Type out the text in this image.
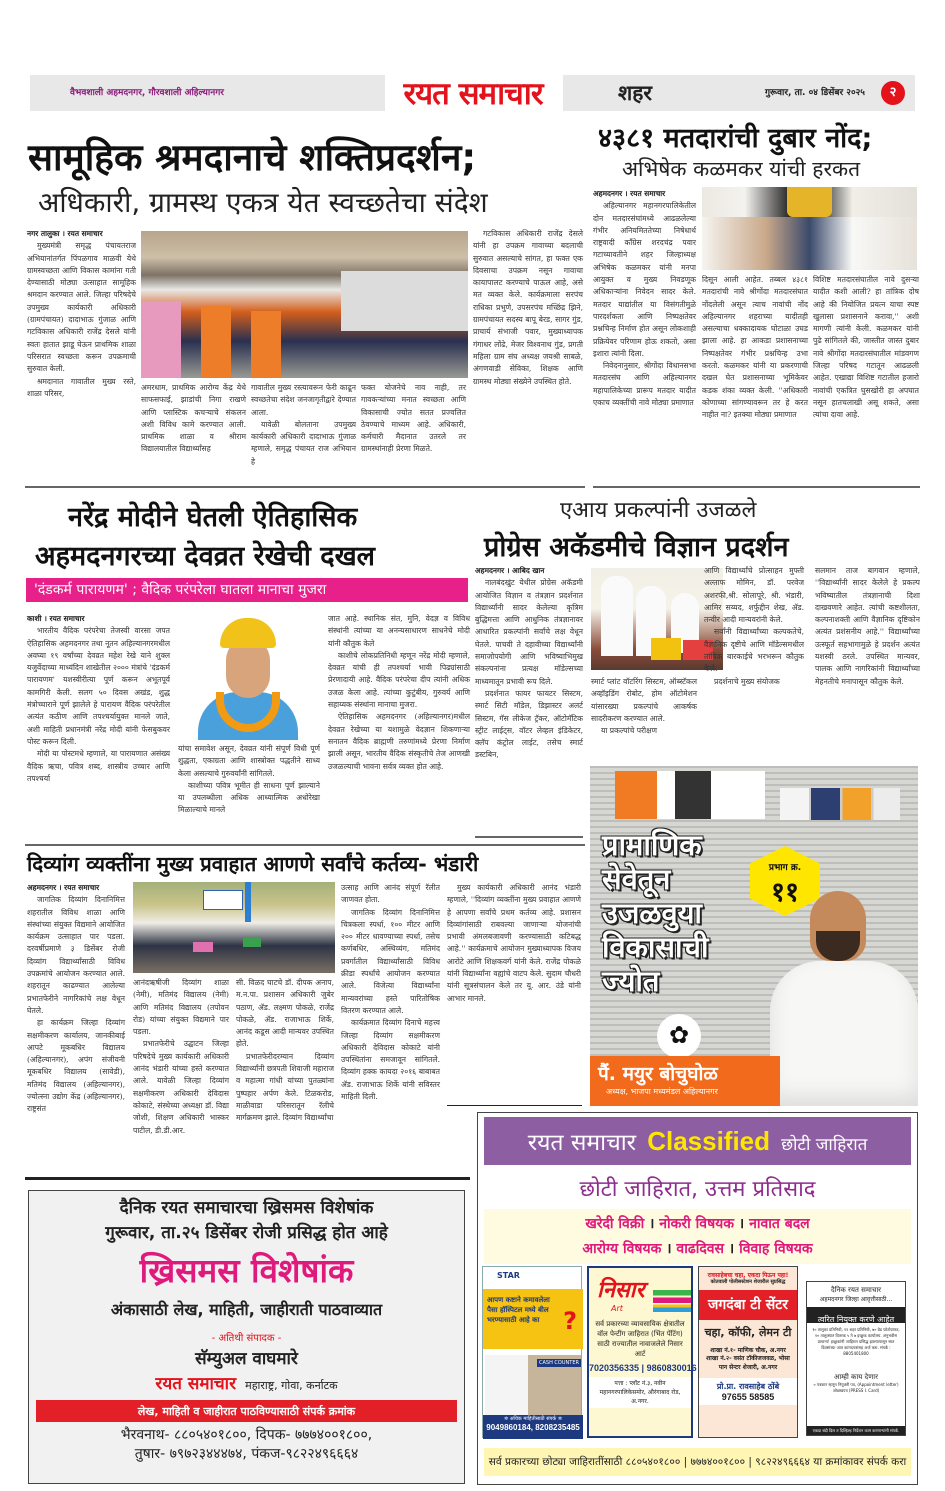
वैभवशाली अहमदनगर, गौरवशाली अहिल्यानगर	रयत समाचार	शहर	गुरूवार, ता. ०४ डिसेंबर २०२५	२
सामूहिक श्रमदानाचे शक्तिप्रदर्शन;
अधिकारी, ग्रामस्थ एकत्र येत स्वच्छतेचा संदेश

नगर तालुका । रयत समाचार

मुख्यमंत्री समृद्ध पंचायतराज अभियानांतर्गत पिंपळगाव माळवी येथे ग्रामस्वच्छता आणि विकास कामांना गती देण्यासाठी मोठ्या उत्साहात सामूहिक श्रमदान करण्यात आले. जिल्हा परिषदेचे उपमुख्य कार्यकारी अधिकारी (ग्रामपंचायत) दादाभाऊ गुंजाळ आणि गटविकास अधिकारी राजेंद्र देसले यांनी स्वतः हातात झाडू घेऊन प्राथमिक शाळा परिसरात स्वच्छता करून उपक्रमाची सुरुवात केली.

श्रमदानात गावातील मुख्य रस्ते, शाळा परिसर,

अमरधाम, प्राथमिक आरोग्य केंद्र येथे साफसफाई, झाडांची निगा राखणे आणि प्लास्टिक कचऱ्याचे संकलन अशी विविध कामे करण्यात आली. प्राथमिक शाळा व श्रीराम विद्यालयातील विद्यार्थ्यांसह

गावातील मुख्य रस्त्यावरून फेरी काढून स्वच्छतेचा संदेश जनजागृतीद्वारे देण्यात आला.

यावेळी बोलताना उपमुख्य कार्यकारी अधिकारी दादाभाऊ गुंजाळ म्हणाले, समृद्ध पंचायत राज अभियान हे

फक्त योजनेचे नाव नाही, तर गावकऱ्यांच्या मनात स्वच्छता आणि विकासाची ज्योत सतत प्रज्वलित ठेवण्याचे माध्यम आहे. अधिकारी, कर्मचारी मैदानात उतरले तर ग्रामस्थांनाही प्रेरणा मिळते.

गटविकास अधिकारी राजेंद्र देसले यांनी हा उपक्रम गावाच्या बदलाची सुरुवात असल्याचे सांगत, हा फक्त एक दिवसाचा उपक्रम नसून गावाचा कायापालट करण्याचे पाऊल आहे, असे मत व्यक्त केले. कार्यक्रमाला सरपंच राधिका प्रभुणे, उपसरपंच मच्छिंद्र झिने, ग्रामपंचायत सदस्य बापू बेरड, सागर गुंड, प्राचार्य संभाजी पवार, मुख्याध्यापक गंगाधर लोंढे, मेजर विश्वनाथ गुंड, प्रगती महिला ग्राम संघ अध्यक्ष जयश्री साबळे, अंगणवाडी सेविका, शिक्षक आणि ग्रामस्थ मोठ्या संख्येने उपस्थित होते.

४३८१ मतदारांची दुबार नोंद;
अभिषेक कळमकर यांची हरकत

अहमदनगर । रयत समाचार

अहिल्यानगर महानगरपालिकेतील दोन मतदारसंघांमध्ये आढळलेल्या गंभीर अनियमिततेच्या निषेधार्थ राष्ट्रवादी काँग्रेस शरदचंद्र पवार गटाच्यावतीने शहर जिल्हाध्यक्ष अभिषेक कळमकर यांनी मनपा आयुक्त व मुख्य निवडणूक अधिकाऱ्यांना निवेदन सादर केले. मतदार याद्यांतील या विसंगतीमुळे पारदर्शकता आणि निष्पक्षतेवर प्रश्नचिन्ह निर्माण होत असून लोकशाही प्रक्रियेवर परिणाम होऊ शकतो, असा इशारा त्यांनी दिला.

निवेदनानुसार, श्रीगोंदा विधानसभा मतदारसंघ आणि अहिल्यानगर महापालिकेच्या प्रारूप मतदार यादीत एकाच व्यक्तींची नावे मोठ्या प्रमाणात

दिसून आली आहेत. तब्बल ४३८१ मतदारांची नावे श्रीगोंदा मतदारसंघात नोंदलेली असून त्याच नावांची नोंद अहिल्यानगर शहराच्या यादीतही असल्याचा धक्कादायक घोटाळा उघड झाला आहे. हा आकडा प्रशासनाच्या निष्पक्षतेवर गंभीर प्रश्नचिन्ह उभा करतो. कळमकर यांनी या प्रकरणाची दखल घेत प्रशासनाच्या भूमिकेवर कडक शंका व्यक्त केली. ''अधिकारी कोणाच्या सांगण्यावरून तर हे करत नाहीत ना? इतक्या मोठ्या प्रमाणात

विशिष्ट मतदारसंघातील नावे दुसऱ्या यादीत कशी आली? हा तांत्रिक दोष आहे की नियोजित प्रयत्न याचा स्पष्ट खुलासा प्रशासनाने करावा,'' अशी मागणी त्यांनी केली. कळमकर यांनी पुढे सांगितले की, जास्तीत जास्त दुबार नावे श्रीगोंदा मतदारसंघातील मांडवगण जिल्हा परिषद गटातून आढळली आहेत. एखाद्या विशिष्ट गटातील हजारो नावांची एकत्रित घुसखोरी हा अपघात नसून हातचलाखी असू शकते, असा त्यांचा दावा आहे.

नरेंद्र मोदीने घेतली ऐतिहासिक
अहमदनगरच्या देवव्रत रेखेची दखल
'दंडकर्म पारायणम' ; वैदिक परंपरेला घातला मानाचा मुजरा

काशी । रयत समाचार

भारतीय वैदिक परंपरेचा तेजस्वी वारसा जपत ऐतिहासिक अहमदनगर तथा नूतन अहिल्यानगरमधील अवघ्या १९ वर्षांच्या देवव्रत महेश रेखे याने शुक्ल यजुर्वेदाच्या माध्यंदिन शाखेतील २००० मंत्रांचे 'दंडकर्म पारायणम' यशस्वीरीत्या पूर्ण करून अभूतपूर्व कामगिरी केली. सलग ५० दिवस अखंड, शुद्ध मंत्रोच्चाराने पूर्ण झालेले हे पारायण वैदिक परंपरेतील अत्यंत कठीण आणि तपश्चर्यायुक्त मानले जाते, अशी माहिती प्रधानमंत्री नरेंद्र मोदी यांनी फेसबुकवर पोस्ट करून दिली.

मोदी या पोस्टमधे म्हणाले, या पारायणात असंख्य वैदिक ऋचा, पवित्र शब्द, शास्त्रीय उच्चार आणि तपश्चर्या

यांचा समावेश असून, देवव्रत यांनी संपूर्ण विधी पूर्ण शुद्धता, एकाग्रता आणि शास्त्रोक्त पद्धतीने साध्य केला असल्याचे गुरुवर्यांनी सांगितले.

काशीच्या पवित्र भूमीत ही साधना पूर्ण झाल्याने या उपलब्धीला अधिक आध्यात्मिक अधोरेखा मिळाल्याचे मानले

जात आहे. स्थानिक संत, मुनि, वेदज्ञ व विविध संस्थांनी त्यांच्या या अनन्यसाधारण साधनेचे मोदी यांनी कौतुक केले

काशीचे लोकप्रतिनिधी म्हणून नरेंद्र मोदी म्हणाले, देवव्रत यांची ही तपश्चर्या भावी पिढ्यांसाठी प्रेरणादायी आहे. वैदिक परंपरेचा दीप त्यांनी अधिक उजळ केला आहे. त्यांच्या कुटुंबीय, गुरुवर्य आणि सहाय्यक संस्थांना मानाचा मुजरा.

ऐतिहासिक अहमदनगर (अहिल्यानगर)मधील देवव्रत रेखेच्या या यशामुळे वेदज्ञान शिकणाऱ्या सनातन वैदिक ब्राह्मणी तरुणांमध्ये प्रेरणा निर्माण झाली असून, भारतीय वैदिक संस्कृतीचे तेज आणखी उजळल्याची भावना सर्वत्र व्यक्त होत आहे.

एआय प्रकल्पांनी उजळले
प्रोग्रेस अकॅडमीचे विज्ञान प्रदर्शन

अहमदनगर । आबिद खान

नालबंदखुंट येथील प्रोग्रेस अकॅडमी आयोजित विज्ञान व तंत्रज्ञान प्रदर्शनात विद्यार्थ्यांनी सादर केलेल्या कृत्रिम बुद्धिमत्ता आणि आधुनिक तंत्रज्ञानावर आधारित प्रकल्पांनी सर्वांचे लक्ष वेधून घेतले. पाचवी ते दहावीच्या विद्यार्थ्यांनी समाजोपयोगी आणि भविष्याभिमुख संकल्पनांना प्रत्यक्ष मॉडेल्सच्या माध्यमातून प्रभावी रूप दिले.

प्रदर्शनात फायर फायटर सिस्टम, स्मार्ट सिटी मॉडेल, डिझास्टर अलर्ट सिस्टम, गॅस लीकेज ट्रॅकर, ऑटोमॅटिक स्ट्रीट लाईट्स, वॉटर लेव्हल इंडिकेटर, क्लॅप कंट्रोल लाईट, तसेच स्मार्ट डस्टबिन,

स्मार्ट प्लांट वॉटरिंग सिस्टम, ऑब्स्टॅकल अव्हॉइडिंग रोबोट, होम ऑटोमेशन यांसारख्या प्रकल्पांचे आकर्षक सादरीकरण करण्यात आले.

या प्रकल्पांचे परीक्षण

आणि विद्यार्थ्यांचे प्रोत्साहन मुफ्ती अल्ताफ मोमिन, डॉ. परवेज अशरफी,श्री. सोलापूरे, श्री. भंडारी, आमिर सय्यद, शर्फुद्दीन शेख, ॲड. तन्वीर आदी मान्यवरांनी केले.

सर्वांनी विद्यार्थ्यांच्या कल्पकतेचे, वैज्ञानिक दृष्टीचे आणि मॉडेल्समधील तांत्रिक बारकाईचे भरभरून कौतुक केले.

प्रदर्शनाचे मुख्य संयोजक

सलमान ताज बागवान म्हणाले, ''विद्यार्थ्यांनी सादर केलेले हे प्रकल्प भविष्यातील तंत्रज्ञानाची दिशा दाखवणारे आहेत. त्यांची कष्टशीलता, कल्पनाशक्ती आणि वैज्ञानिक दृष्टिकोन अत्यंत प्रशंसनीय आहे.'' विद्यार्थ्यांच्या उत्स्फूर्त सहभागामुळे हे प्रदर्शन अत्यंत यशस्वी ठरले. उपस्थित मान्यवर, पालक आणि नागरिकांनी विद्यार्थ्यांच्या मेहनतीचे मनापासून कौतुक केले.

प्रामाणिक
सेवेतून
उजळवुया
विकासाची
ज्योत
प्रभाग क्र.
११
✿
पैं. मयुर बोचुघोळ
अध्यक्ष, भाजपा मध्यमंडल अहिल्यानगर
दिव्यांग व्यक्तींना मुख्य प्रवाहात आणणे सर्वांचे कर्तव्य- भंडारी

अहमदनगर । रयत समाचार

जागतिक दिव्यांग दिनानिमित्त शहरातील विविध शाळा आणि संस्थांच्या संयुक्त विद्यमाने आयोजित कार्यक्रम उत्साहात पार पडला. दरवर्षीप्रमाणे ३ डिसेंबर रोजी दिव्यांग विद्यार्थ्यांसाठी विविध उपक्रमांचे आयोजन करण्यात आले. शहरातून काढण्यात आलेल्या प्रभातफेरीने नागरिकांचे लक्ष वेधून घेतले.

हा कार्यक्रम जिल्हा दिव्यांग सक्षमीकरण कार्यालय, जानकीबाई आपटे मूकबधिर विद्यालय (अहिल्यानगर), अपंग संजीवनी मूकबधिर विद्यालय (सावेडी), मतिमंद विद्यालय (अहिल्यानगर), ज्योत्स्ना उद्योग केंद्र (अहिल्यानगर), राष्ट्रसंत

आनंदऋषीजी दिव्यांग शाळा (नेमी), मतिमंद विद्यालय (नेमी) आणि मतिमंद विद्यालय (तपोवन रोड) यांच्या संयुक्त विद्यमाने पार पडला.

प्रभातफेरीचे उद्घाटन जिल्हा परिषदेचे मुख्य कार्यकारी अधिकारी आनंद भंडारी यांच्या हस्ते करण्यात आले. यावेळी जिल्हा दिव्यांग सक्षमीकरण अधिकारी देविदास कोकाटे, संस्थेच्या अध्यक्षा डॉ. विद्या जोशी, शिक्षण अधिकारी भास्कर पाटील, डी.डी.आर.

सी. विळद घाटचे डॉ. दीपक अनाप, म.न.पा. प्रशासन अधिकारी जुबेर पठाण, ॲड. लक्ष्मण पोकळे, राजेंद्र पोकळे, ॲड. राजाभाऊ शिर्के, आनंद कडूस आदी मान्यवर उपस्थित होते.

प्रभातफेरीदरम्यान दिव्यांग विद्यार्थ्यांनी छत्रपती शिवाजी महाराज व महात्मा गांधी यांच्या पुतळ्यांना पुष्पहार अर्पण केले. टिळकरोड, माळीवाडा परिसरातून रॅलीचे मार्गक्रमण झाले. दिव्यांग विद्यार्थ्यांचा

उत्साह आणि आनंद संपूर्ण रॅलीत जाणवत होता.

जागतिक दिव्यांग दिनानिमित्त चित्रकला स्पर्धा, १०० मीटर आणि २०० मीटर धावण्याच्या स्पर्धा, तसेच कर्णबधिर, अस्थिव्यंग, मतिमंद प्रवर्गातील विद्यार्थ्यांसाठी विविध क्रीडा स्पर्धांचे आयोजन करण्यात आले. विजेत्या विद्यार्थ्यांना मान्यवरांच्या हस्ते पारितोषिक वितरण करण्यात आले.

कार्यक्रमात दिव्यांग दिनाचे महत्त्व जिल्हा दिव्यांग सक्षमीकरण अधिकारी देविदास कोकाटे यांनी उपस्थितांना समजावून सांगितले. दिव्यांग हक्क कायदा २०१६ बाबाबत ॲड. राजाभाऊ शिर्के यांनी सविस्तर माहिती दिली.

मुख्य कार्यकारी अधिकारी आनंद भंडारी म्हणाले, ''दिव्यांग व्यक्तींना मुख्य प्रवाहात आणणे हे आपणा सर्वांचे प्रथम कर्तव्य आहे. प्रशासन दिव्यांगांसाठी राबवल्या जाणाऱ्या योजनांची प्रभावी अंमलबजावणी करण्यासाठी कटिबद्ध आहे.'' कार्यक्रमाचे आयोजन मुख्याध्यापक विजय आरोटे आणि शिक्षकवर्ग यांनी केले. राजेंद्र पोकळे यांनी विद्यार्थ्यांना वह्यांचे वाटप केले. सुदाम चौधरी यांनी सूत्रसंचालन केले तर यू. आर. उंडे यांनी आभार मानले.

दैनिक रयत समाचारचा ख्रिसमस विशेषांक
गुरूवार, ता.२५ डिसेंबर रोजी प्रसिद्ध होत आहे
ख्रिसमस विशेषांक
अंकासाठी लेख, माहिती, जाहीराती पाठवाव्यात
- अतिथी संपादक -
सॅम्युअल वाघमारे
रयत समाचार महाराष्ट्र, गोवा, कर्नाटक
लेख, माहिती व जाहीरात पाठविण्यासाठी संपर्क क्रमांक
भैरवनाथ- ८८०५४०१८००, दिपक- ७७७४००१८००,
तुषार- ७९७२३४४४७४, पंकज-९८२२४९६६६४
रयत समाचार Classified छोटी जाहिरात
छोटी जाहिरात, उत्तम प्रतिसाद
खरेदी विक्री । नोकरी विषयक । नावात बदल
आरोग्य विषयक । वाढदिवस । विवाह विषयक
STAR
आपण कष्टाने कमावलेला पैसा हॉस्पिटल मध्ये बील भरण्यासाठी आहे का ?
CASH COUNTER
✲ अधिक माहितीसाठी संपर्क ✲
9049860184, 8208235485
निसार
Art
सर्व प्रकारच्या व्यावसायिक क्षेत्रातील वॉल पेन्टींग जाहिरात (भिंत पेंटिंग) साठी राज्यातील नावाजलेले निसार आर्ट
7020356335 | 9860830016
पत्ता : प्लॉट नं.३, नवीन महानगरपालिकेसमोर, औरंगाबाद रोड, अ.नगर.
रावसाहेबचा चहा, एकदा पिऊन पहा!
कोतवाली पोलीसस्टेशन शेजारील सुप्रसिद्ध
जगदंबा टी सेंटर
चहा, कॉफी, लेमन टी
शाखा नं.१- माणिक चौक, अ.नगर
शाखा नं.२- वसंत टॉकीजजवळ, भोसा पान सेन्टर शेजारी, अ.नगर
प्रो.प्रा. रावसाहेब ठोंबे
97655 58585
दैनिक रयत समाचार
अहमदनगर जिल्हा आवृत्तीसाठी...
त्वरित नियुक्त करणे आहेत
१० तालुका प्रतिनिधी, ११ शहर प्रतिनिधी, ७० ग्रेड फोटोग्राफर, १० तालुक्यात वितरक ५ ते ७ इच्छुक कार्यालय. अनुभवीस प्राधान्य! इच्छुकांनी जाहिरात प्रसिद्ध झाल्यापासून सात दिवसांच्या आत कागदपत्रांसह अर्ज करा. संपर्क : 8805401800
आम्ही काय देणार
० पत्रकार म्हणून नियुक्ती पत्र, (Appointment letter) ओळखपत्र (PRESS I. Card)
एकदा बंदी दिल त दिल्हिल्ह निर्देशन काम करणाऱ्यांनी संपर्क.
सर्व प्रकारच्या छोट्या जाहिरातींसाठी ८८०५४०१८०० | ७७७४००१८०० | ९८२२४९६६६४ या क्रमांकावर संपर्क करा
